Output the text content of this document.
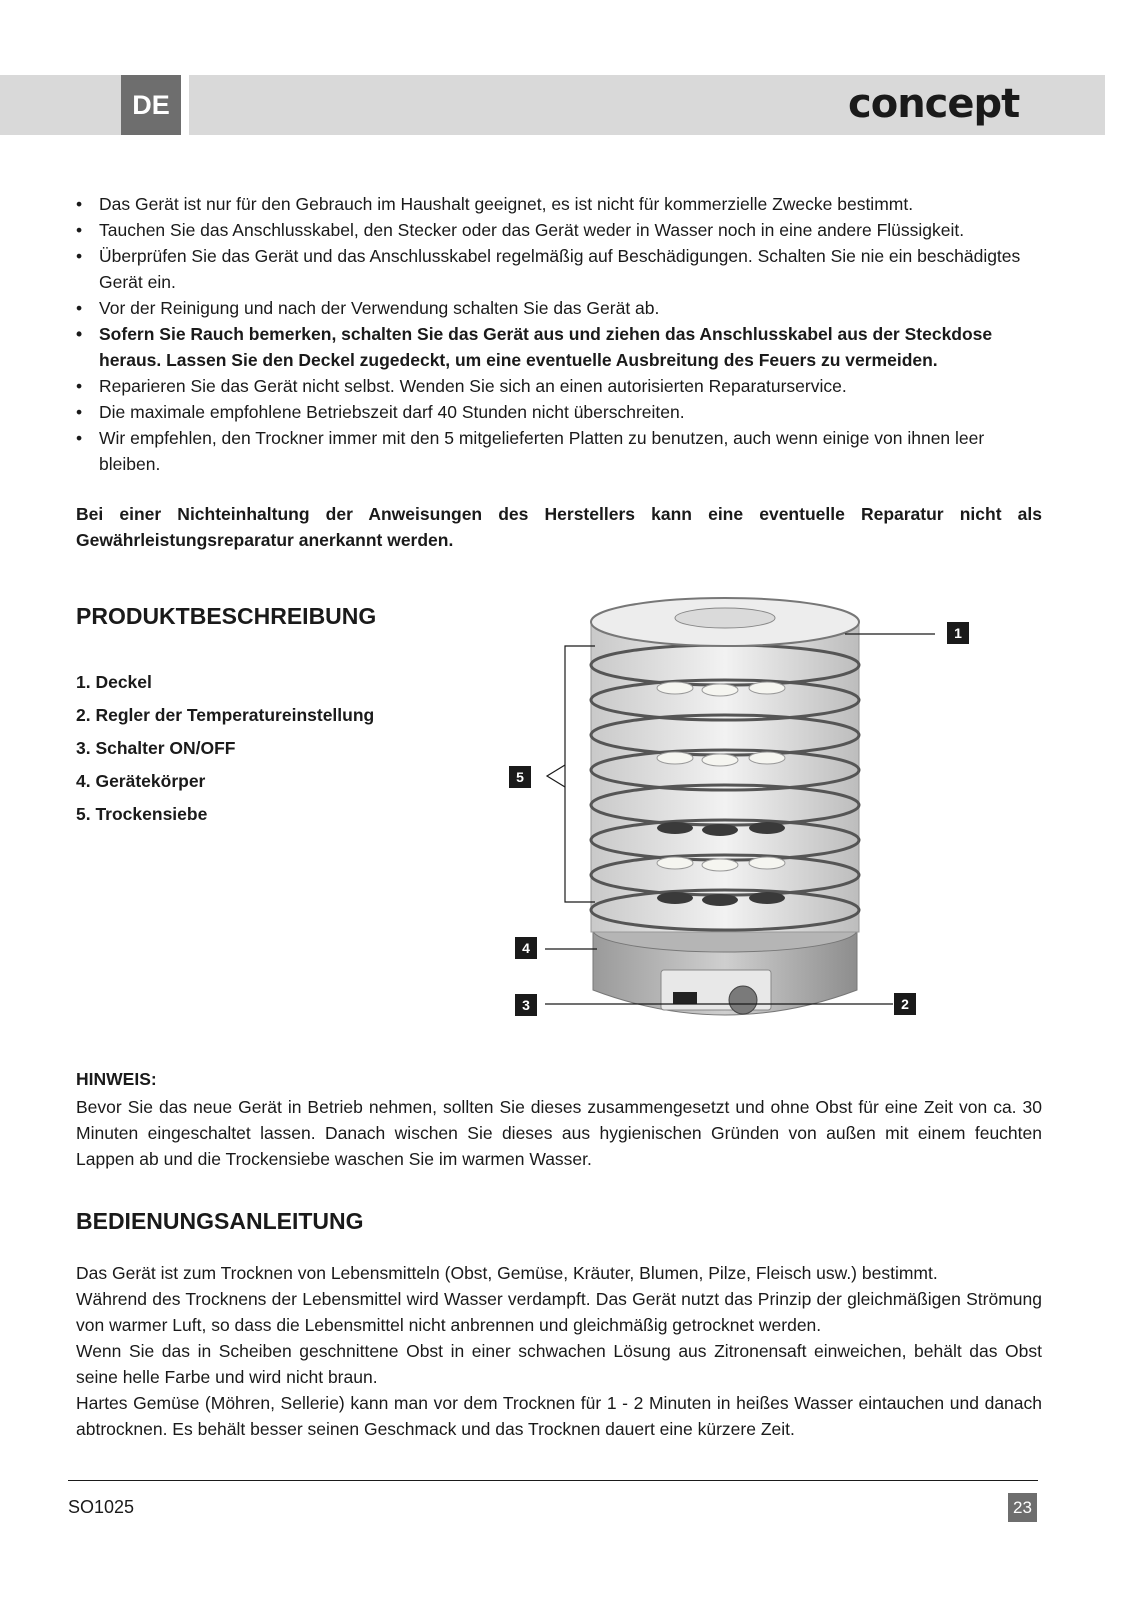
DE	concept
• Das Gerät ist nur für den Gebrauch im Haushalt geeignet, es ist nicht für kommerzielle Zwecke bestimmt.
• Tauchen Sie das Anschlusskabel, den Stecker oder das Gerät weder in Wasser noch in eine andere Flüssigkeit.
• Überprüfen Sie das Gerät und das Anschlusskabel regelmäßig auf Beschädigungen. Schalten Sie nie ein beschädigtes Gerät ein.
• Vor der Reinigung und nach der Verwendung schalten Sie das Gerät ab.
• Sofern Sie Rauch bemerken, schalten Sie das Gerät aus und ziehen das Anschlusskabel aus der Steckdose heraus. Lassen Sie den Deckel zugedeckt, um eine eventuelle Ausbreitung des Feuers zu vermeiden.
• Reparieren Sie das Gerät nicht selbst. Wenden Sie sich an einen autorisierten Reparaturservice.
• Die maximale empfohlene Betriebszeit darf 40 Stunden nicht überschreiten.
• Wir empfehlen, den Trockner immer mit den 5 mitgelieferten Platten zu benutzen, auch wenn einige von ihnen leer bleiben.

Bei einer Nichteinhaltung der Anweisungen des Herstellers kann eine eventuelle Reparatur nicht als Gewährleistungsreparatur anerkannt werden.

PRODUKTBESCHREIBUNG
1. Deckel
2. Regler der Temperatureinstellung
3. Schalter ON/OFF
4. Gerätekörper
5. Trockensiebe
1
2
3
4
5

HINWEIS:

Bevor Sie das neue Gerät in Betrieb nehmen, sollten Sie dieses zusammengesetzt und ohne Obst für eine Zeit von ca. 30 Minuten eingeschaltet lassen. Danach wischen Sie dieses aus hygienischen Gründen von außen mit einem feuchten Lappen ab und die Trockensiebe waschen Sie im warmen Wasser.

BEDIENUNGSANLEITUNG

Das Gerät ist zum Trocknen von Lebensmitteln (Obst, Gemüse, Kräuter, Blumen, Pilze, Fleisch usw.) bestimmt.

Während des Trocknens der Lebensmittel wird Wasser verdampft. Das Gerät nutzt das Prinzip der gleichmäßigen Strömung von warmer Luft, so dass die Lebensmittel nicht anbrennen und gleichmäßig getrocknet werden.

Wenn Sie das in Scheiben geschnittene Obst in einer schwachen Lösung aus Zitronensaft einweichen, behält das Obst seine helle Farbe und wird nicht braun.

Hartes Gemüse (Möhren, Sellerie) kann man vor dem Trocknen für 1 - 2 Minuten in heißes Wasser eintauchen und danach abtrocknen. Es behält besser seinen Geschmack und das Trocknen dauert eine kürzere Zeit.

SO1025	23
